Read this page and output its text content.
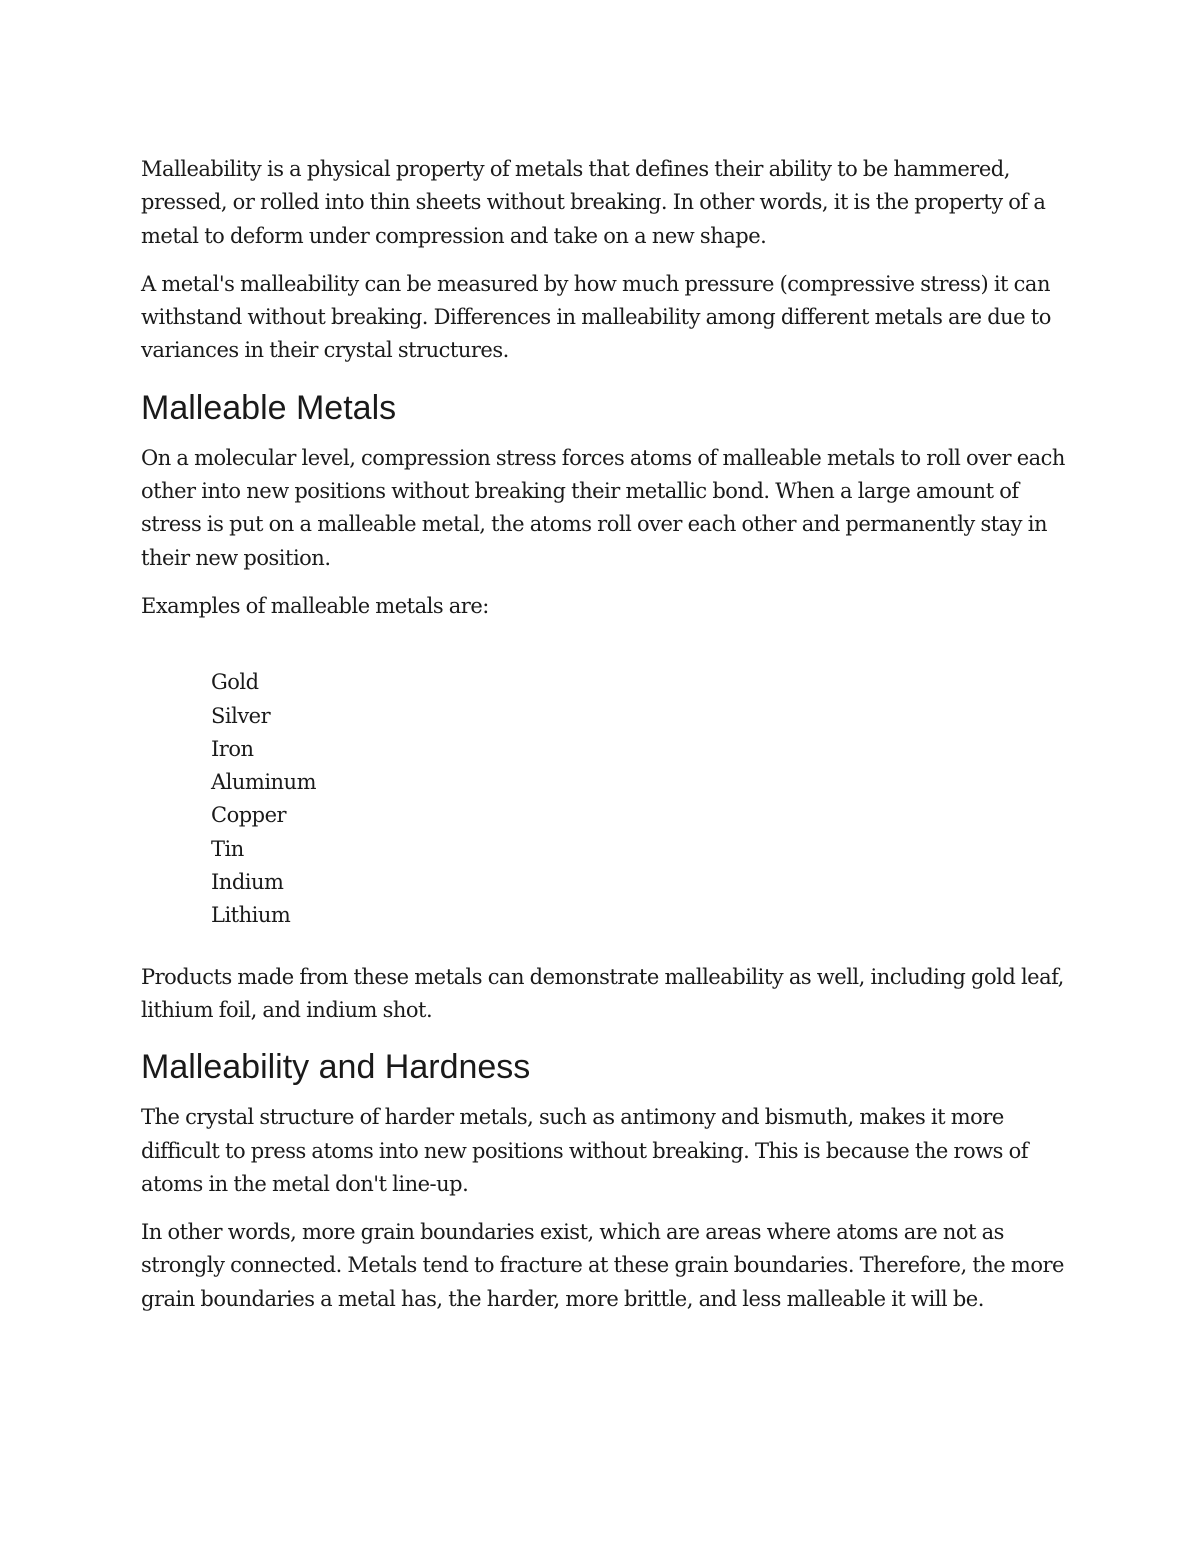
Malleability is a physical property of metals that defines their ability to be hammered, pressed, or rolled into thin sheets without breaking. In other words, it is the property of a metal to deform under compression and take on a new shape.

A metal's malleability can be measured by how much pressure (compressive stress) it can withstand without breaking. Differences in malleability among different metals are due to variances in their crystal structures.

Malleable Metals

On a molecular level, compression stress forces atoms of malleable metals to roll over each other into new positions without breaking their metallic bond. When a large amount of stress is put on a malleable metal, the atoms roll over each other and permanently stay in their new position.

Examples of malleable metals are:

Gold
Silver
Iron
Aluminum
Copper
Tin
Indium
Lithium

Products made from these metals can demonstrate malleability as well, including gold leaf, lithium foil, and indium shot.

Malleability and Hardness

The crystal structure of harder metals, such as antimony and bismuth, makes it more difficult to press atoms into new positions without breaking. This is because the rows of atoms in the metal don't line-up.

In other words, more grain boundaries exist, which are areas where atoms are not as strongly connected. Metals tend to fracture at these grain boundaries. Therefore, the more grain boundaries a metal has, the harder, more brittle, and less malleable it will be.
